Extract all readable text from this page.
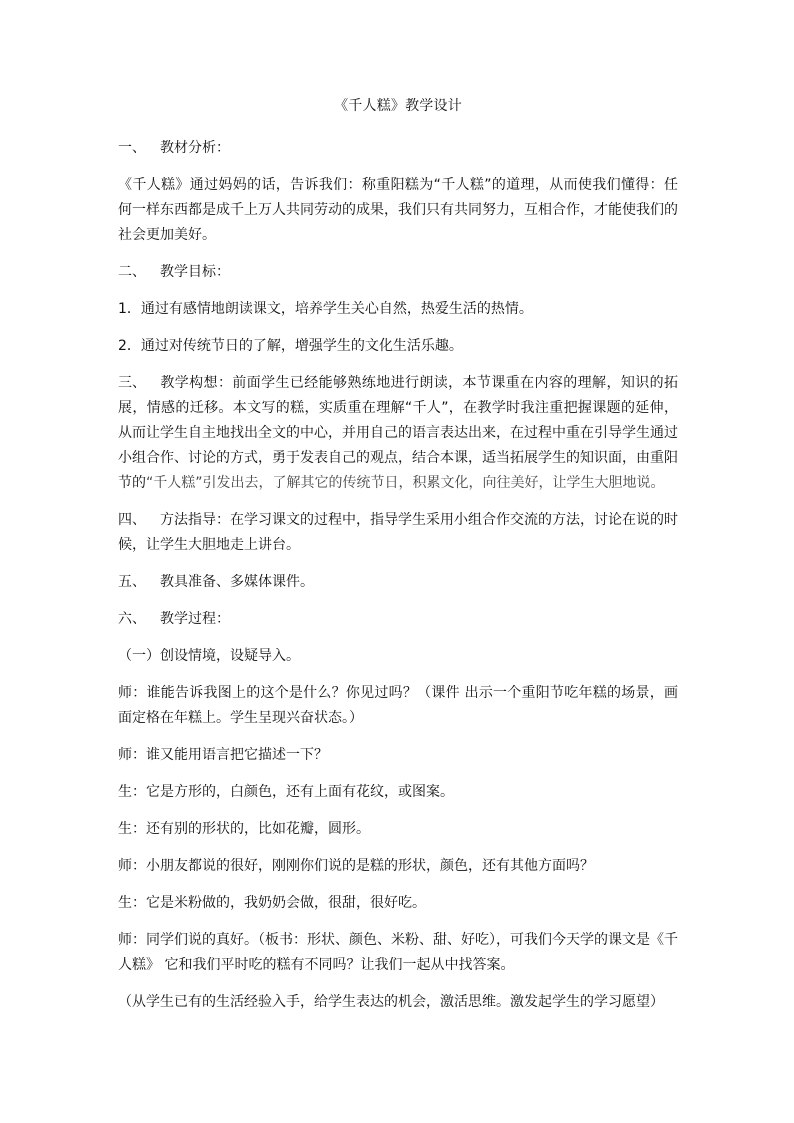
《千人糕》教学设计
一、 教材分析：

《千人糕》通过妈妈的话，告诉我们：称重阳糕为“千人糕”的道理，从而使我们懂得：任何一样东西都是成千上万人共同劳动的成果，我们只有共同努力，互相合作，才能使我们的社会更加美好。

二、 教学目标：

1．通过有感情地朗读课文，培养学生关心自然，热爱生活的热情。

2．通过对传统节日的了解，增强学生的文化生活乐趣。

三、 教学构想：前面学生已经能够熟练地进行朗读，本节课重在内容的理解，知识的拓展，情感的迁移。本文写的糕，实质重在理解“千人”，在教学时我注重把握课题的延伸，从而让学生自主地找出全文的中心，并用自己的语言表达出来，在过程中重在引导学生通过小组合作、讨论的方式，勇于发表自己的观点，结合本课，适当拓展学生的知识面，由重阳节的“千人糕”引发出去，了解其它的传统节日，积累文化，向往美好，让学生大胆地说。

四、 方法指导：在学习课文的过程中，指导学生采用小组合作交流的方法，讨论在说的时候，让学生大胆地走上讲台。

五、 教具准备、多媒体课件。
六、 教学过程：

（一）创设情境，设疑导入。

师：谁能告诉我图上的这个是什么？你见过吗？（课件 出示一个重阳节吃年糕的场景，画面定格在年糕上。学生呈现兴奋状态。）

师：谁又能用语言把它描述一下？

生：它是方形的，白颜色，还有上面有花纹，或图案。

生：还有别的形状的，比如花瓣，圆形。

师：小朋友都说的很好，刚刚你们说的是糕的形状，颜色，还有其他方面吗？

生：它是米粉做的，我奶奶会做，很甜，很好吃。

师：同学们说的真好。（板书：形状、颜色、米粉、甜、好吃），可我们今天学的课文是《千人糕》 它和我们平时吃的糕有不同吗？让我们一起从中找答案。

（从学生已有的生活经验入手，给学生表达的机会，激活思维。激发起学生的学习愿望）
